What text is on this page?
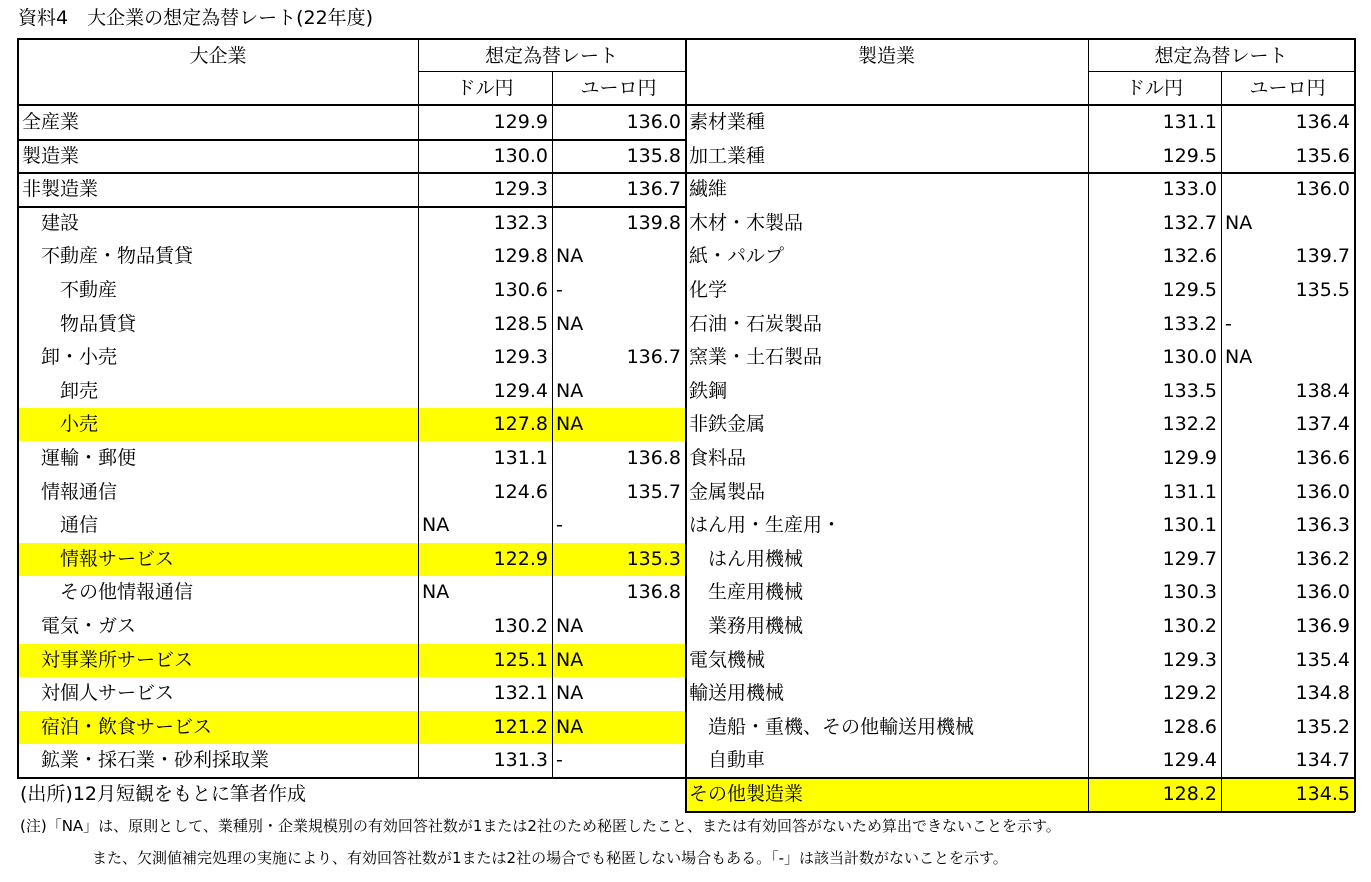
資料4　大企業の想定為替レート(22年度)
大企業	想定為替レート
ドル円	ユーロ円
全産業	129.9	136.0
製造業	130.0	135.8
非製造業	129.3	136.7
　建設	132.3	139.8
　不動産・物品賃貸	129.8 NA
　　不動産	130.6 -
　　物品賃貸	128.5 NA
　卸・小売	129.3	136.7
　　卸売	129.4 NA
　　小売	127.8 NA
　運輸・郵便	131.1	136.8
　情報通信	124.6	135.7
　　通信	NA	-
　　情報サービス	122.9	135.3
　　その他情報通信	NA	136.8
　電気・ガス	130.2 NA
　対事業所サービス	125.1 NA
　対個人サービス	132.1 NA
　宿泊・飲食サービス	121.2 NA
　鉱業・採石業・砂利採取業	131.3 -
製造業	想定為替レート
ドル円	ユーロ円
素材業種	131.1	136.4
加工業種	129.5	135.6
繊維	133.0	136.0
木材・木製品	132.7 NA
紙・パルプ	132.6	139.7
化学	129.5	135.5
石油・石炭製品	133.2 -
窯業・土石製品	130.0 NA
鉄鋼	133.5	138.4
非鉄金属	132.2	137.4
食料品	129.9	136.6
金属製品	131.1	136.0
はん用・生産用・	130.1	136.3
　はん用機械	129.7	136.2
　生産用機械	130.3	136.0
　業務用機械	130.2	136.9
電気機械	129.3	135.4
輸送用機械	129.2	134.8
　造船・重機、その他輸送用機械	128.6	135.2
　自動車	129.4	134.7
その他製造業	128.2	134.5
(出所)12月短観をもとに筆者作成
(注)「NA」は、原則として、業種別・企業規模別の有効回答社数が1または2社のため秘匿したこと、または有効回答がないため算出できないことを示す。
また、欠測値補完処理の実施により、有効回答社数が1または2社の場合でも秘匿しない場合もある。「-」は該当計数がないことを示す。
